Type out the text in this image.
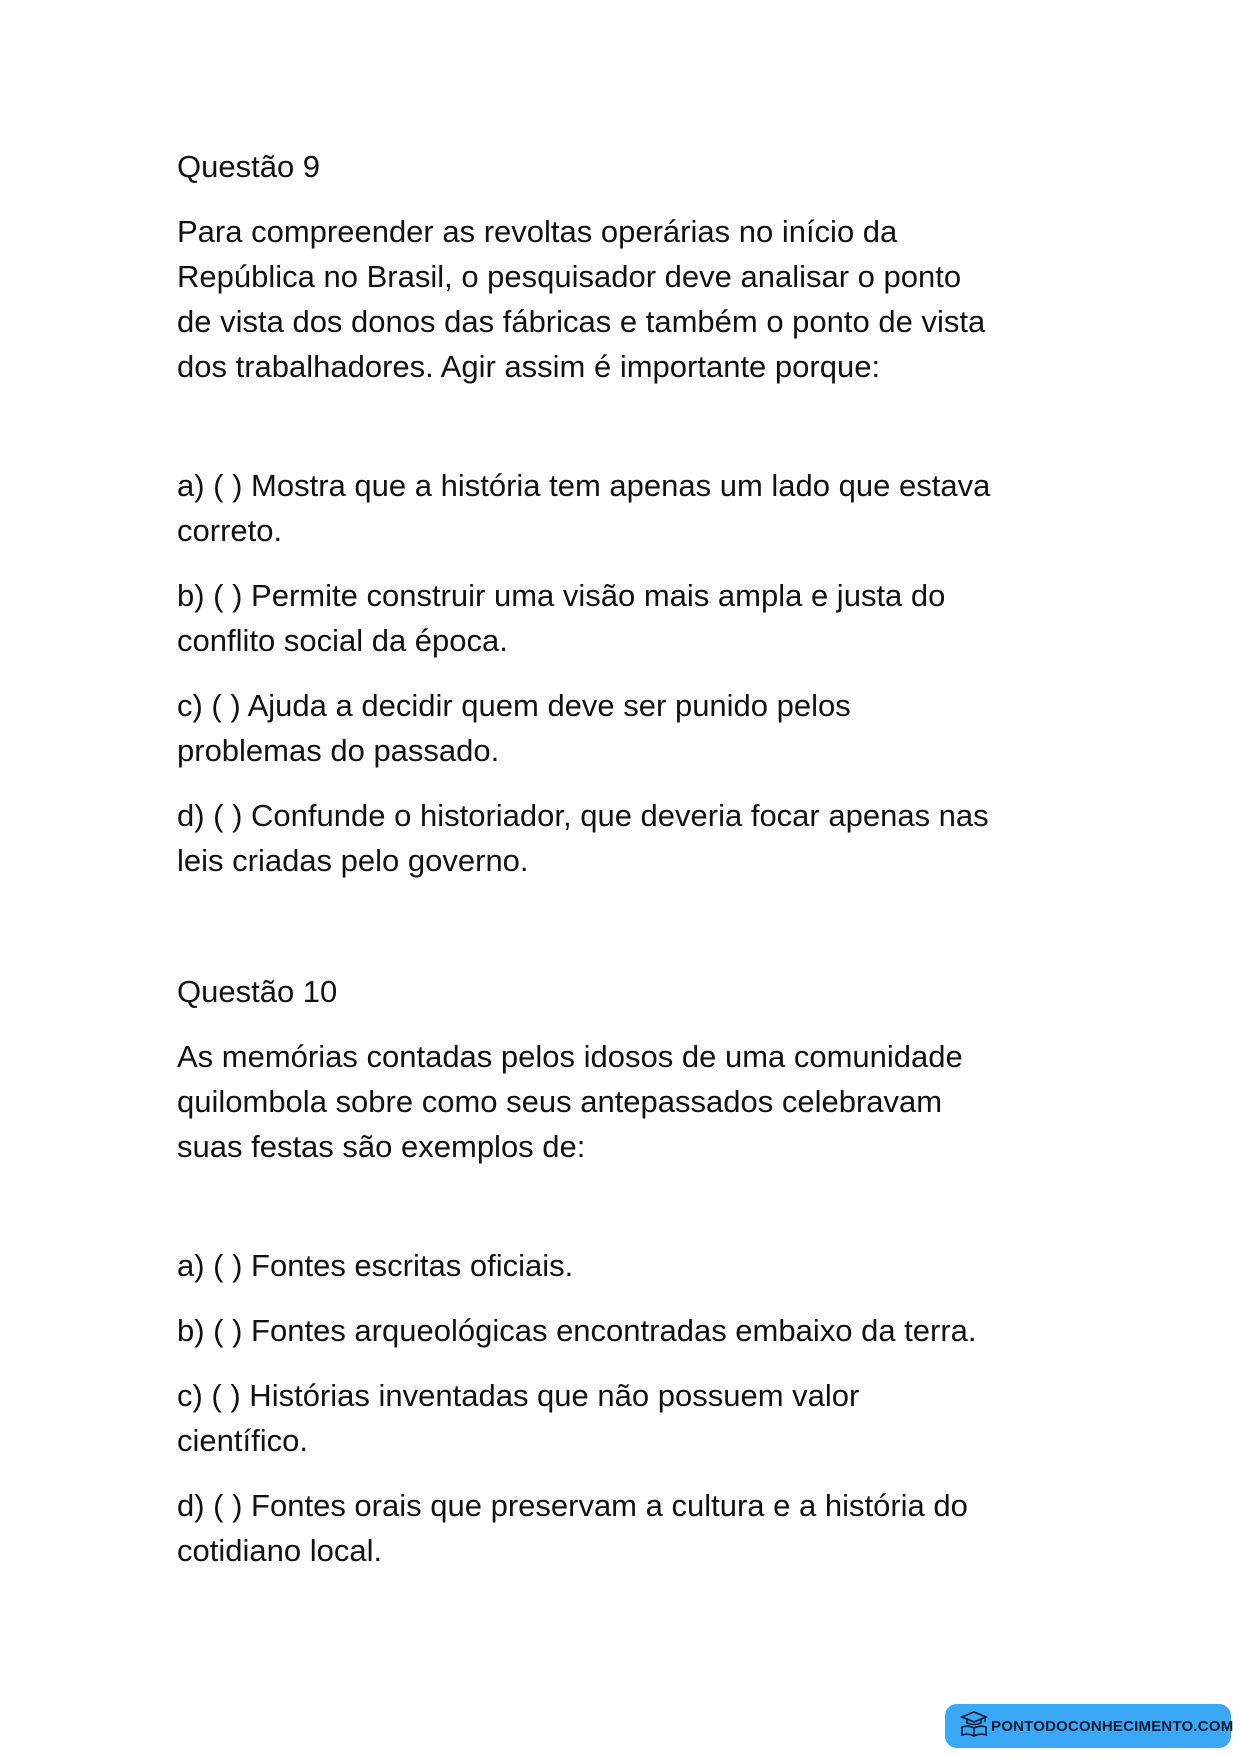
Questão 9
Para compreender as revoltas operárias no início da
República no Brasil, o pesquisador deve analisar o ponto
de vista dos donos das fábricas e também o ponto de vista
dos trabalhadores. Agir assim é importante porque:
a) ( ) Mostra que a história tem apenas um lado que estava
correto.
b) ( ) Permite construir uma visão mais ampla e justa do
conflito social da época.
c) ( ) Ajuda a decidir quem deve ser punido pelos
problemas do passado.
d) ( ) Confunde o historiador, que deveria focar apenas nas
leis criadas pelo governo.
Questão 10
As memórias contadas pelos idosos de uma comunidade
quilombola sobre como seus antepassados celebravam
suas festas são exemplos de:
a) ( ) Fontes escritas oficiais.
b) ( ) Fontes arqueológicas encontradas embaixo da terra.
c) ( ) Histórias inventadas que não possuem valor
científico.
d) ( ) Fontes orais que preservam a cultura e a história do
cotidiano local.
PONTODOCONHECIMENTO.COM
